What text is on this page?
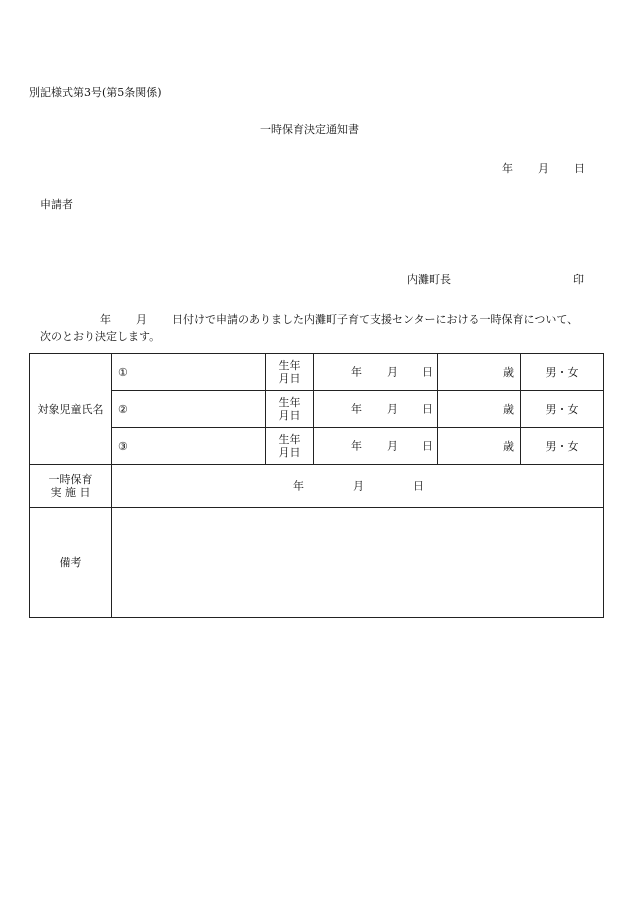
別記様式第3号(第5条関係)
一時保育決定通知書
年 月 日
申請者
内灘町長	印
年 月 日付けで申請のありました内灘町子育て支援センターにおける一時保育について、
次のとおり決定します。
対象児童氏名	①	生年
月日	年 月 日	歳	男・女
	②	生年
月日	年 月 日	歳	男・女
	③	生年
月日	年 月 日	歳	男・女

一時保育
実 施 日	年 月 日				

備考					
